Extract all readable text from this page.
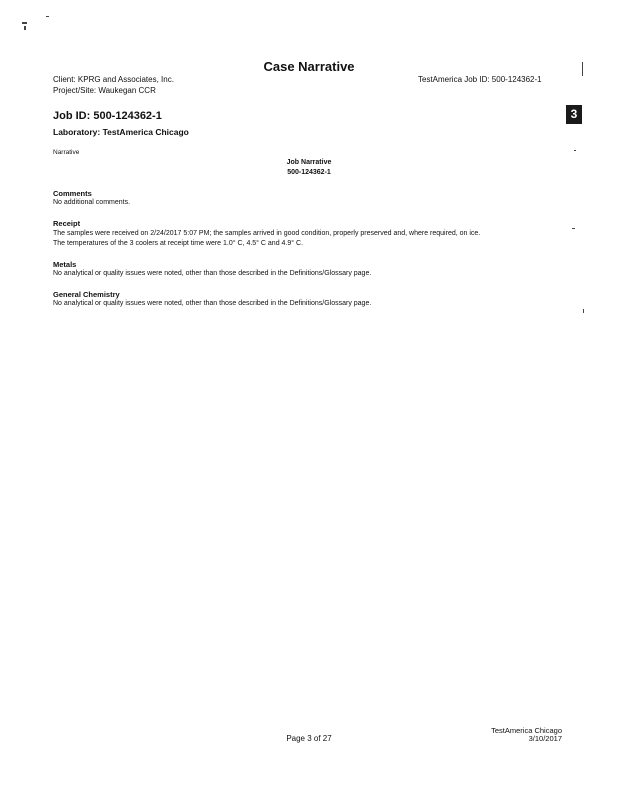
Case Narrative
Client: KPRG and Associates, Inc.
Project/Site: Waukegan CCR
TestAmerica Job ID: 500-124362-1
3
Job ID: 500-124362-1
Laboratory: TestAmerica Chicago
Narrative
Job Narrative
500-124362-1
Comments
No additional comments.
Receipt
The samples were received on 2/24/2017 5:07 PM; the samples arrived in good condition, properly preserved and, where required, on ice.
The temperatures of the 3 coolers at receipt time were 1.0° C, 4.5° C and 4.9° C.
Metals
No analytical or quality issues were noted, other than those described in the Definitions/Glossary page.
General Chemistry
No analytical or quality issues were noted, other than those described in the Definitions/Glossary page.
Page 3 of 27
TestAmerica Chicago
3/10/2017
